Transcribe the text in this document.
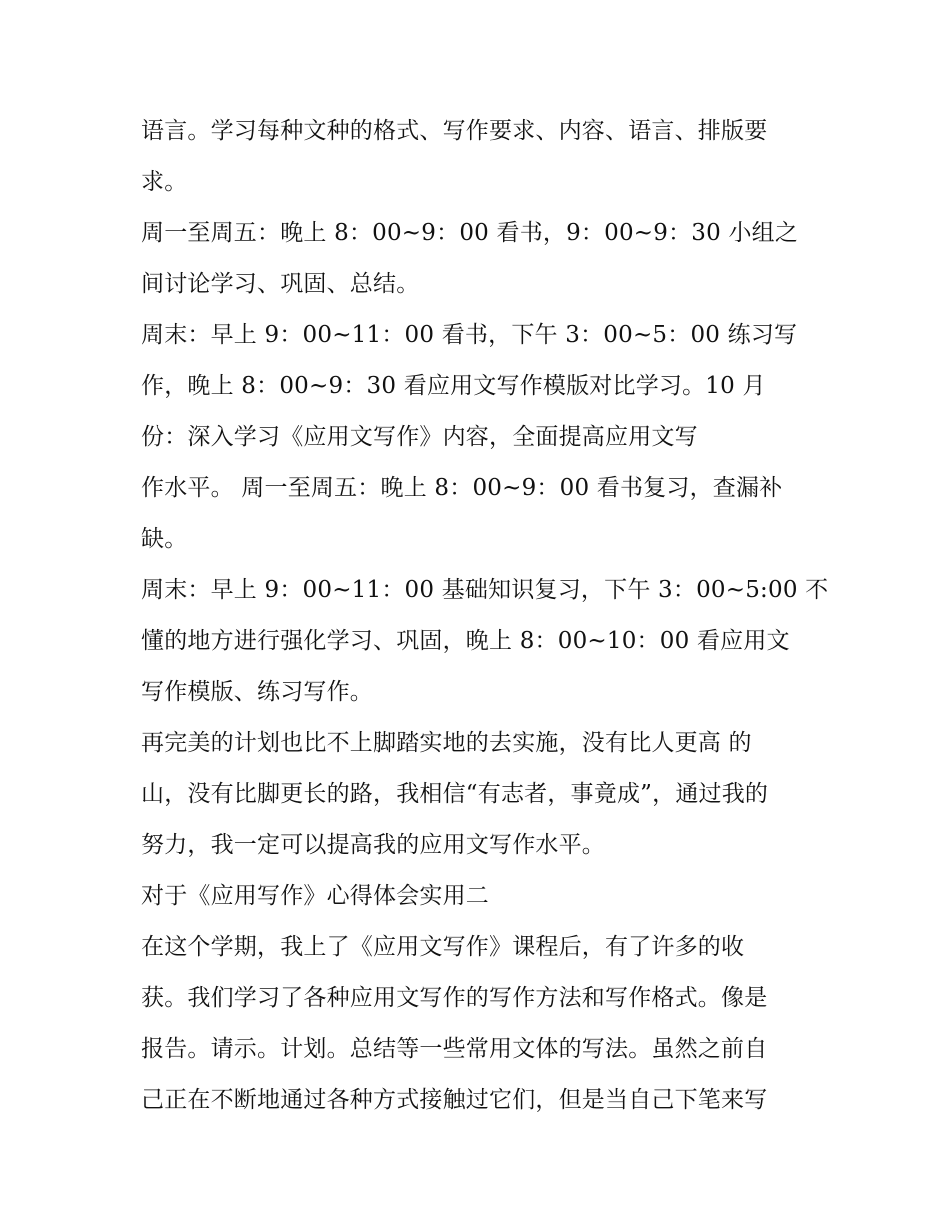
语言。学习每种文种的格式、写作要求、内容、语言、排版要
求。
周一至周五：晚上 8：00~9：00 看书，9：00~9：30 小组之
间讨论学习、巩固、总结。
周末：早上 9：00~11：00 看书，下午 3：00~5：00 练习写
作，晚上 8：00~9：30 看应用文写作模版对比学习。10 月
份：深入学习《应用文写作》内容，全面提高应用文写
作水平。 周一至周五：晚上 8：00~9：00 看书复习，查漏补
缺。
周末：早上 9：00~11：00 基础知识复习，下午 3：00~5:00 不
懂的地方进行强化学习、巩固，晚上 8：00~10：00 看应用文
写作模版、练习写作。
再完美的计划也比不上脚踏实地的去实施，没有比人更高 的
山，没有比脚更长的路，我相信“有志者，事竟成”，通过我的
努力，我一定可以提高我的应用文写作水平。
对于《应用写作》心得体会实用二
在这个学期，我上了《应用文写作》课程后，有了许多的收
获。我们学习了各种应用文写作的写作方法和写作格式。像是
报告。请示。计划。总结等一些常用文体的写法。虽然之前自
己正在不断地通过各种方式接触过它们，但是当自己下笔来写
